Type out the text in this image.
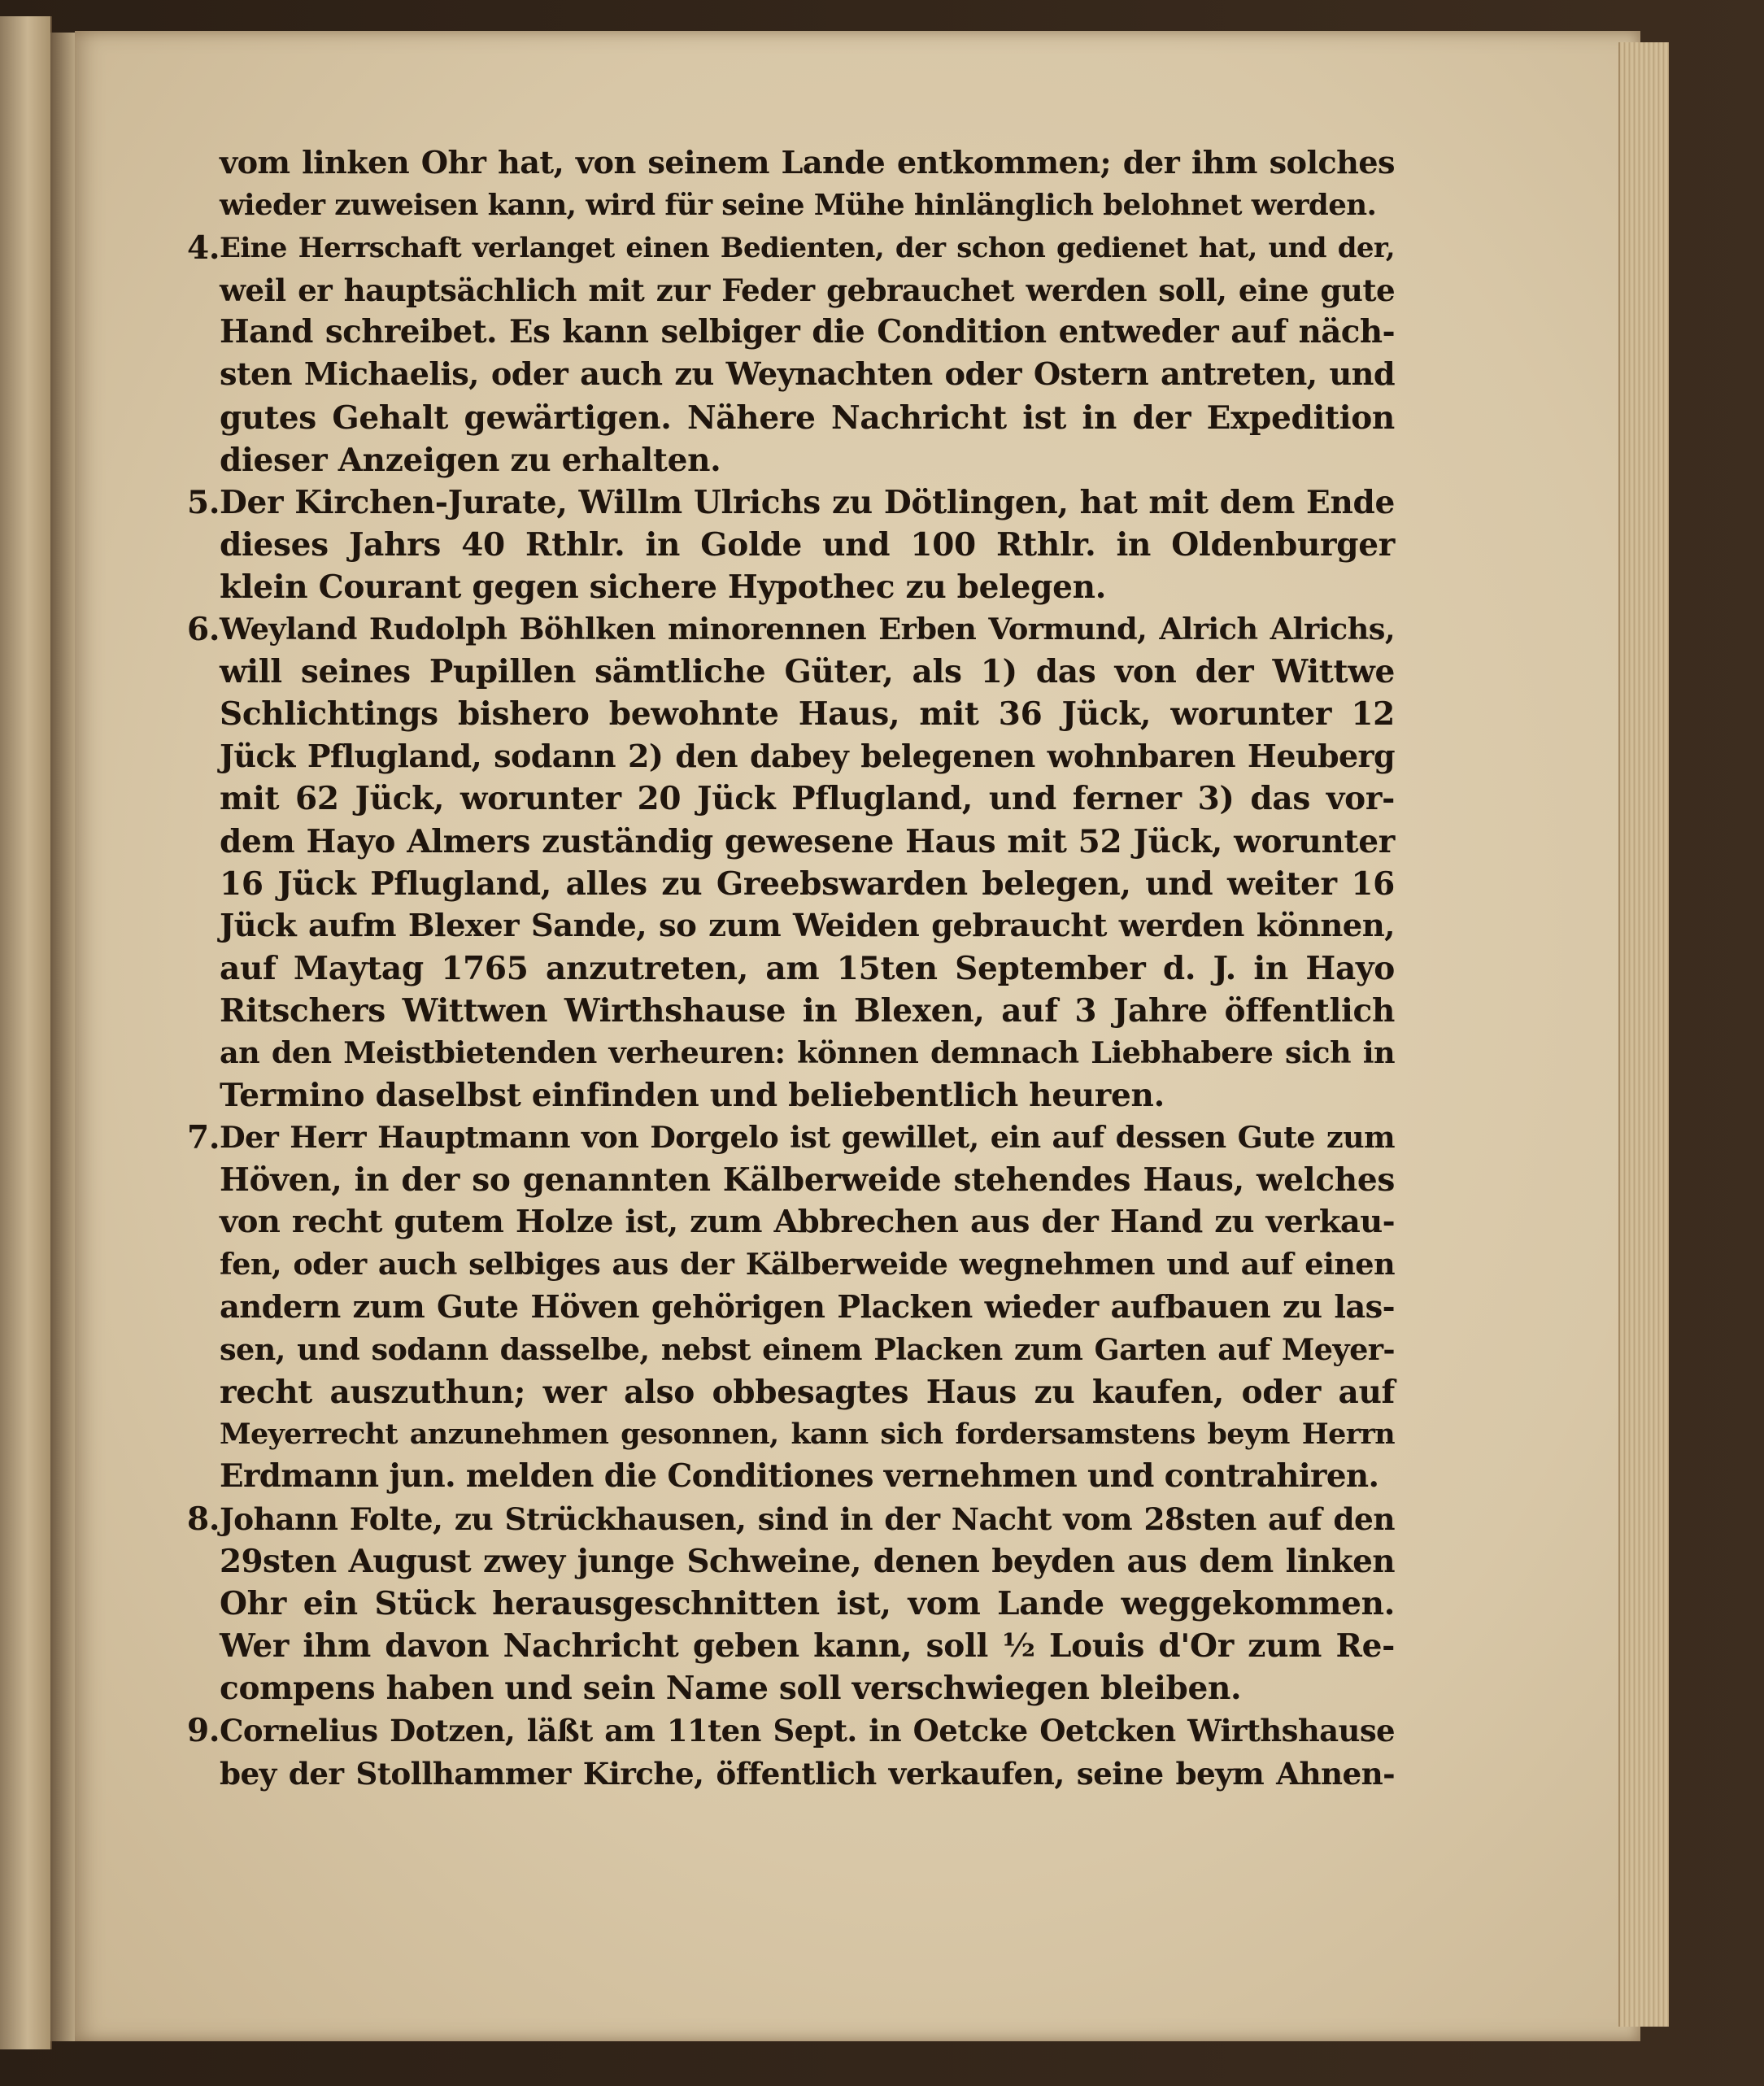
vom linken Ohr hat, von seinem Lande entkommen; der ihm solches
wieder zuweisen kann, wird für seine Mühe hinlänglich belohnet werden.
4. Eine Herrschaft verlanget einen Bedienten, der schon gedienet hat, und der,
weil er hauptsächlich mit zur Feder gebrauchet werden soll, eine gute
Hand schreibet. Es kann selbiger die Condition entweder auf näch-
sten Michaelis, oder auch zu Weynachten oder Ostern antreten, und
gutes Gehalt gewärtigen. Nähere Nachricht ist in der Expedition
dieser Anzeigen zu erhalten.
5. Der Kirchen-Jurate, Willm Ulrichs zu Dötlingen, hat mit dem Ende
dieses Jahrs 40 Rthlr. in Golde und 100 Rthlr. in Oldenburger
klein Courant gegen sichere Hypothec zu belegen.
6. Weyland Rudolph Böhlken minorennen Erben Vormund, Alrich Alrichs,
will seines Pupillen sämtliche Güter, als 1) das von der Wittwe
Schlichtings bishero bewohnte Haus, mit 36 Jück, worunter 12
Jück Pflugland, sodann 2) den dabey belegenen wohnbaren Heuberg
mit 62 Jück, worunter 20 Jück Pflugland, und ferner 3) das vor-
dem Hayo Almers zuständig gewesene Haus mit 52 Jück, worunter
16 Jück Pflugland, alles zu Greebswarden belegen, und weiter 16
Jück aufm Blexer Sande, so zum Weiden gebraucht werden können,
auf Maytag 1765 anzutreten, am 15ten September d. J. in Hayo
Ritschers Wittwen Wirthshause in Blexen, auf 3 Jahre öffentlich
an den Meistbietenden verheuren: können demnach Liebhabere sich in
Termino daselbst einfinden und beliebentlich heuren.
7. Der Herr Hauptmann von Dorgelo ist gewillet, ein auf dessen Gute zum
Höven, in der so genannten Kälberweide stehendes Haus, welches
von recht gutem Holze ist, zum Abbrechen aus der Hand zu verkau-
fen, oder auch selbiges aus der Kälberweide wegnehmen und auf einen
andern zum Gute Höven gehörigen Placken wieder aufbauen zu las-
sen, und sodann dasselbe, nebst einem Placken zum Garten auf Meyer-
recht auszuthun; wer also obbesagtes Haus zu kaufen, oder auf
Meyerrecht anzunehmen gesonnen, kann sich fordersamstens beym Herrn
Erdmann jun. melden die Conditiones vernehmen und contrahiren.
8. Johann Folte, zu Strückhausen, sind in der Nacht vom 28sten auf den
29sten August zwey junge Schweine, denen beyden aus dem linken
Ohr ein Stück herausgeschnitten ist, vom Lande weggekommen.
Wer ihm davon Nachricht geben kann, soll ½ Louis d'Or zum Re-
compens haben und sein Name soll verschwiegen bleiben.
9. Cornelius Dotzen, läßt am 11ten Sept. in Oetcke Oetcken Wirthshause
bey der Stollhammer Kirche, öffentlich verkaufen, seine beym Ahnen-
